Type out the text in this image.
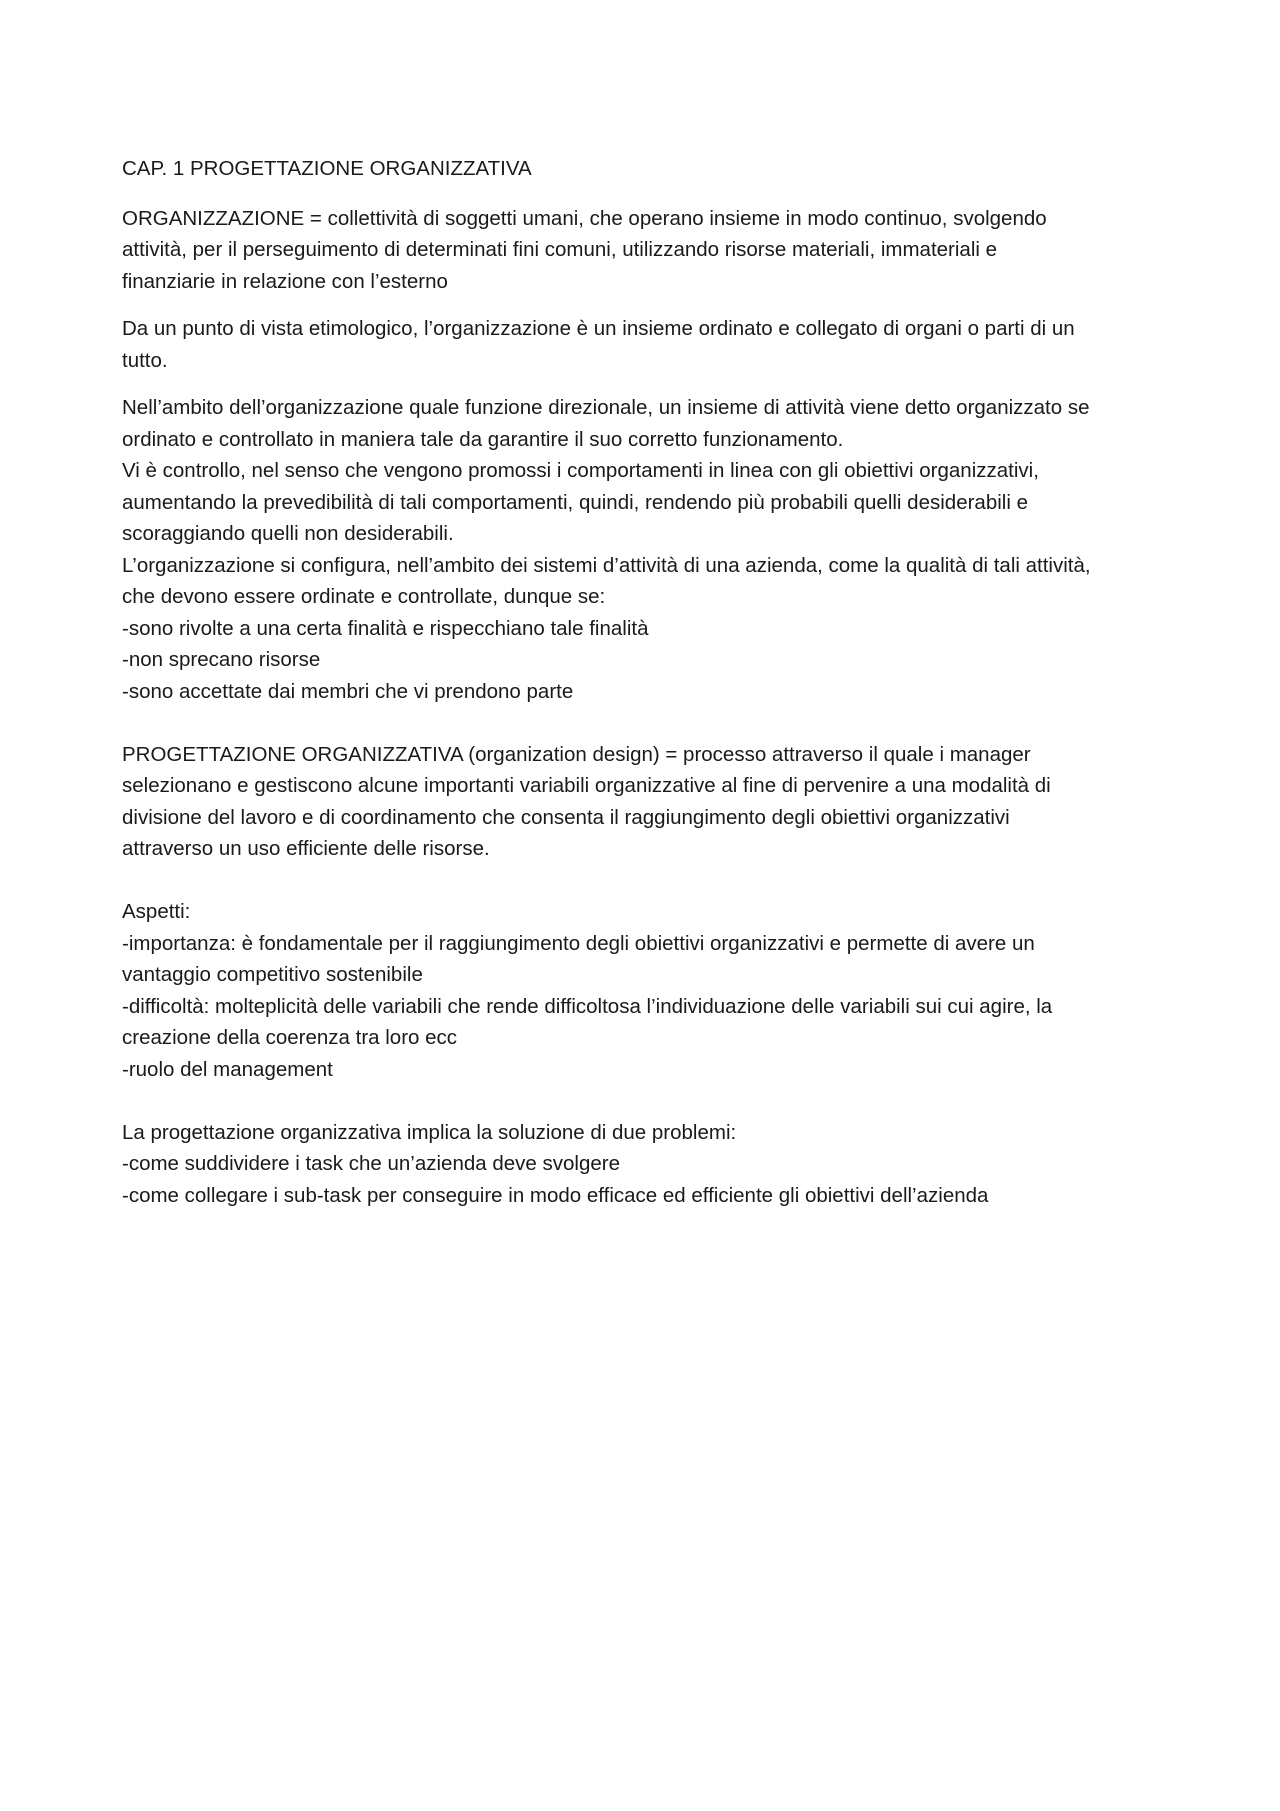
CAP. 1 PROGETTAZIONE ORGANIZZATIVA
ORGANIZZAZIONE = collettività di soggetti umani, che operano insieme in modo continuo, svolgendo
attività, per il perseguimento di determinati fini comuni, utilizzando risorse materiali, immateriali e
finanziarie in relazione con l’esterno
Da un punto di vista etimologico, l’organizzazione è un insieme ordinato e collegato di organi o parti di un
tutto.
Nell’ambito dell’organizzazione quale funzione direzionale, un insieme di attività viene detto organizzato se
ordinato e controllato in maniera tale da garantire il suo corretto funzionamento.
Vi è controllo, nel senso che vengono promossi i comportamenti in linea con gli obiettivi organizzativi,
aumentando la prevedibilità di tali comportamenti, quindi, rendendo più probabili quelli desiderabili e
scoraggiando quelli non desiderabili.
L’organizzazione si configura, nell’ambito dei sistemi d’attività di una azienda, come la qualità di tali attività,
che devono essere ordinate e controllate, dunque se:
-sono rivolte a una certa finalità e rispecchiano tale finalità
-non sprecano risorse
-sono accettate dai membri che vi prendono parte
PROGETTAZIONE ORGANIZZATIVA (organization design) = processo attraverso il quale i manager
selezionano e gestiscono alcune importanti variabili organizzative al fine di pervenire a una modalità di
divisione del lavoro e di coordinamento che consenta il raggiungimento degli obiettivi organizzativi
attraverso un uso efficiente delle risorse.
Aspetti:
-importanza: è fondamentale per il raggiungimento degli obiettivi organizzativi e permette di avere un
vantaggio competitivo sostenibile
-difficoltà: molteplicità delle variabili che rende difficoltosa l’individuazione delle variabili sui cui agire, la
creazione della coerenza tra loro ecc
-ruolo del management
La progettazione organizzativa implica la soluzione di due problemi:
-come suddividere i task che un’azienda deve svolgere
-come collegare i sub-task per conseguire in modo efficace ed efficiente gli obiettivi dell’azienda
